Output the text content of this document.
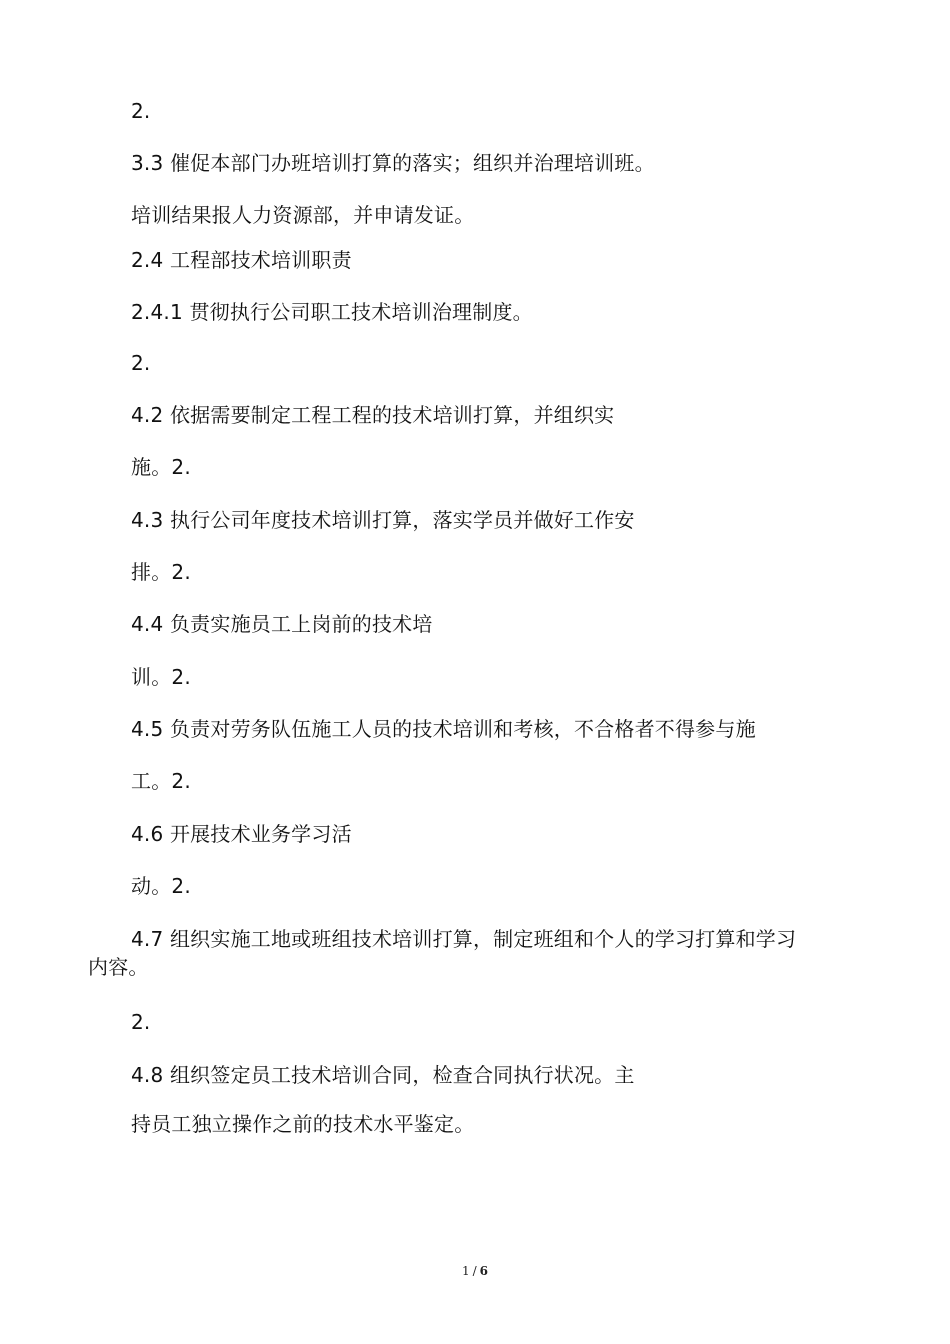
2.
3.3 催促本部门办班培训打算的落实；组织并治理培训班。
培训结果报人力资源部，并申请发证。
2.4 工程部技术培训职责
2.4.1 贯彻执行公司职工技术培训治理制度。
2.
4.2 依据需要制定工程工程的技术培训打算，并组织实
施。2.
4.3 执行公司年度技术培训打算，落实学员并做好工作安
排。2.
4.4 负责实施员工上岗前的技术培
训。2.
4.5 负责对劳务队伍施工人员的技术培训和考核，不合格者不得参与施
工。2.
4.6 开展技术业务学习活
动。2.
4.7 组织实施工地或班组技术培训打算，制定班组和个人的学习打算和学习
内容。
2.
4.8 组织签定员工技术培训合同，检查合同执行状况。主
持员工独立操作之前的技术水平鉴定。
1 / 6
